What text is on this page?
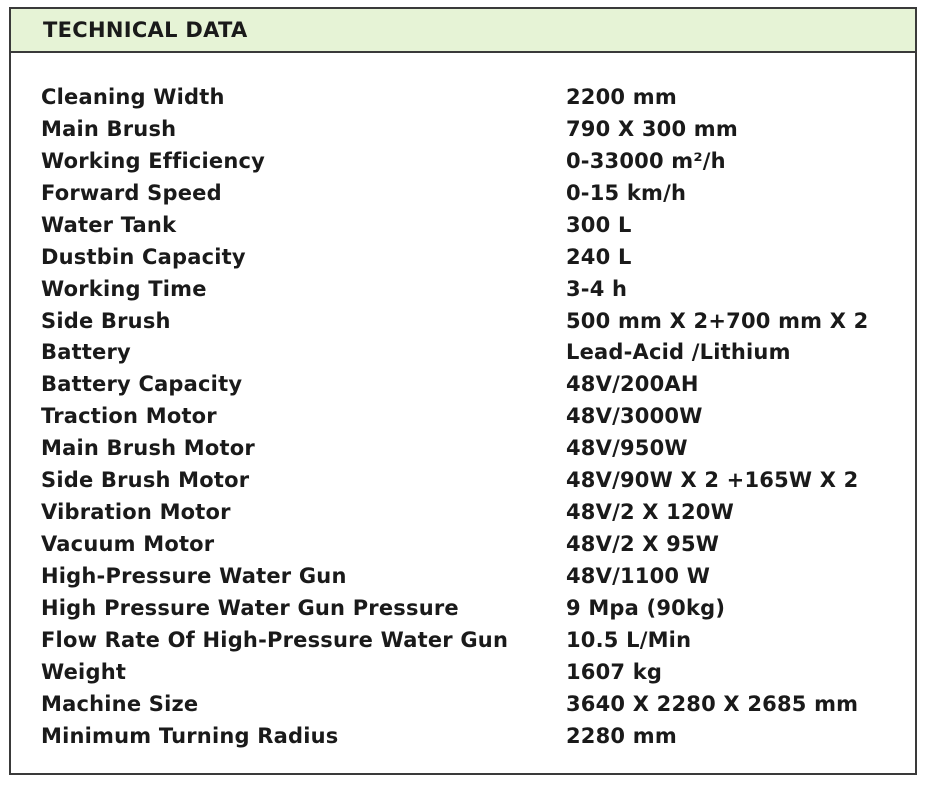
TECHNICAL DATA
Cleaning Width	2200 mm
Main Brush	790 X 300 mm
Working Efficiency	0-33000 m²/h
Forward Speed	0-15 km/h
Water Tank	300 L
Dustbin Capacity	240 L
Working Time	3-4 h
Side Brush	500 mm X 2+700 mm X 2
Battery	Lead-Acid /Lithium
Battery Capacity	48V/200AH
Traction Motor	48V/3000W
Main Brush Motor	48V/950W
Side Brush Motor	48V/90W X 2 +165W X 2
Vibration Motor	48V/2 X 120W
Vacuum Motor	48V/2 X 95W
High-Pressure Water Gun	48V/1100 W
High Pressure Water Gun Pressure	9 Mpa (90kg)
Flow Rate Of High-Pressure Water Gun	10.5 L/Min
Weight	1607 kg
Machine Size	3640 X 2280 X 2685 mm
Minimum Turning Radius	2280 mm
